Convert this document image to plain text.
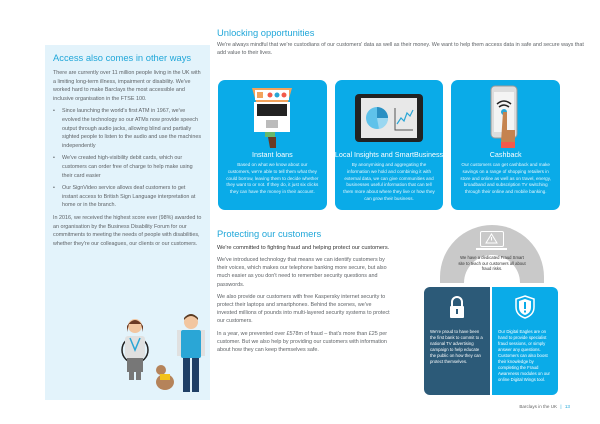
Access also comes in other ways

There are currently over 11 million people living in the UK with a limiting long-term illness, impairment or disability. We've worked hard to make Barclays the most accessible and inclusive organisation in the FTSE 100.

• Since launching the world's first ATM in 1967, we've evolved the technology so our ATMs now provide speech output through audio jacks, allowing blind and partially sighted people to listen to the audio and use the machines independently
• We've created high-visibility debit cards, which our customers can order free of charge to help make using their card easier
• Our SignVideo service allows deaf customers to get instant access to British Sign Language interpretation at home or in the branch.

In 2016, we received the highest score ever (98%) awarded to an organisation by the Business Disability Forum for our commitments to meeting the needs of people with disabilities, whether they're our colleagues, our clients or our customers.

Unlocking opportunities

We're always mindful that we're custodians of our customers' data as well as their money. We want to help them access data in safe and secure ways that add value to their lives.

Instant loans
Based on what we know about our customers, we're able to tell them what they could borrow, leaving them to decide whether they want to or not. If they do, it just six clicks they can have the money in their account.
Local Insights and SmartBusiness
By anonymising and aggregating the information we hold and combining it with external data, we can give communities and businesses useful information that can tell them more about where they live or how they can grow their business.
Cashback
Our customers can get cashback and make savings on a range of shopping retailers in store and online as well as on travel, energy, broadband and subscription TV switching through their online and mobile banking.
Protecting our customers

We're committed to fighting fraud and helping protect our customers.

We've introduced technology that means we can identify customers by their voices, which makes our telephone banking more secure, but also much easier as you don't need to remember security questions and passwords.

We also provide our customers with free Kaspersky internet security to protect their laptops and smartphones. Behind the scenes, we've invested millions of pounds into multi-layered security systems to protect our customers.

In a year, we prevented over £578m of fraud – that's more than £25 per customer. But we also help by providing our customers with information about how they can keep themselves safe.

We have a dedicated Fraud Smart site to teach our customers all about fraud risks.
We're proud to have been the first bank to commit to a national TV advertising campaign to help educate the public on how they can protect themselves.
Our Digital Eagles are on hand to provide specialist fraud sessions, or simply answer any questions. Customers can also boost their knowledge by completing the Fraud Awareness modules on our online Digital Wings tool.
Barclays in the UK | 13
